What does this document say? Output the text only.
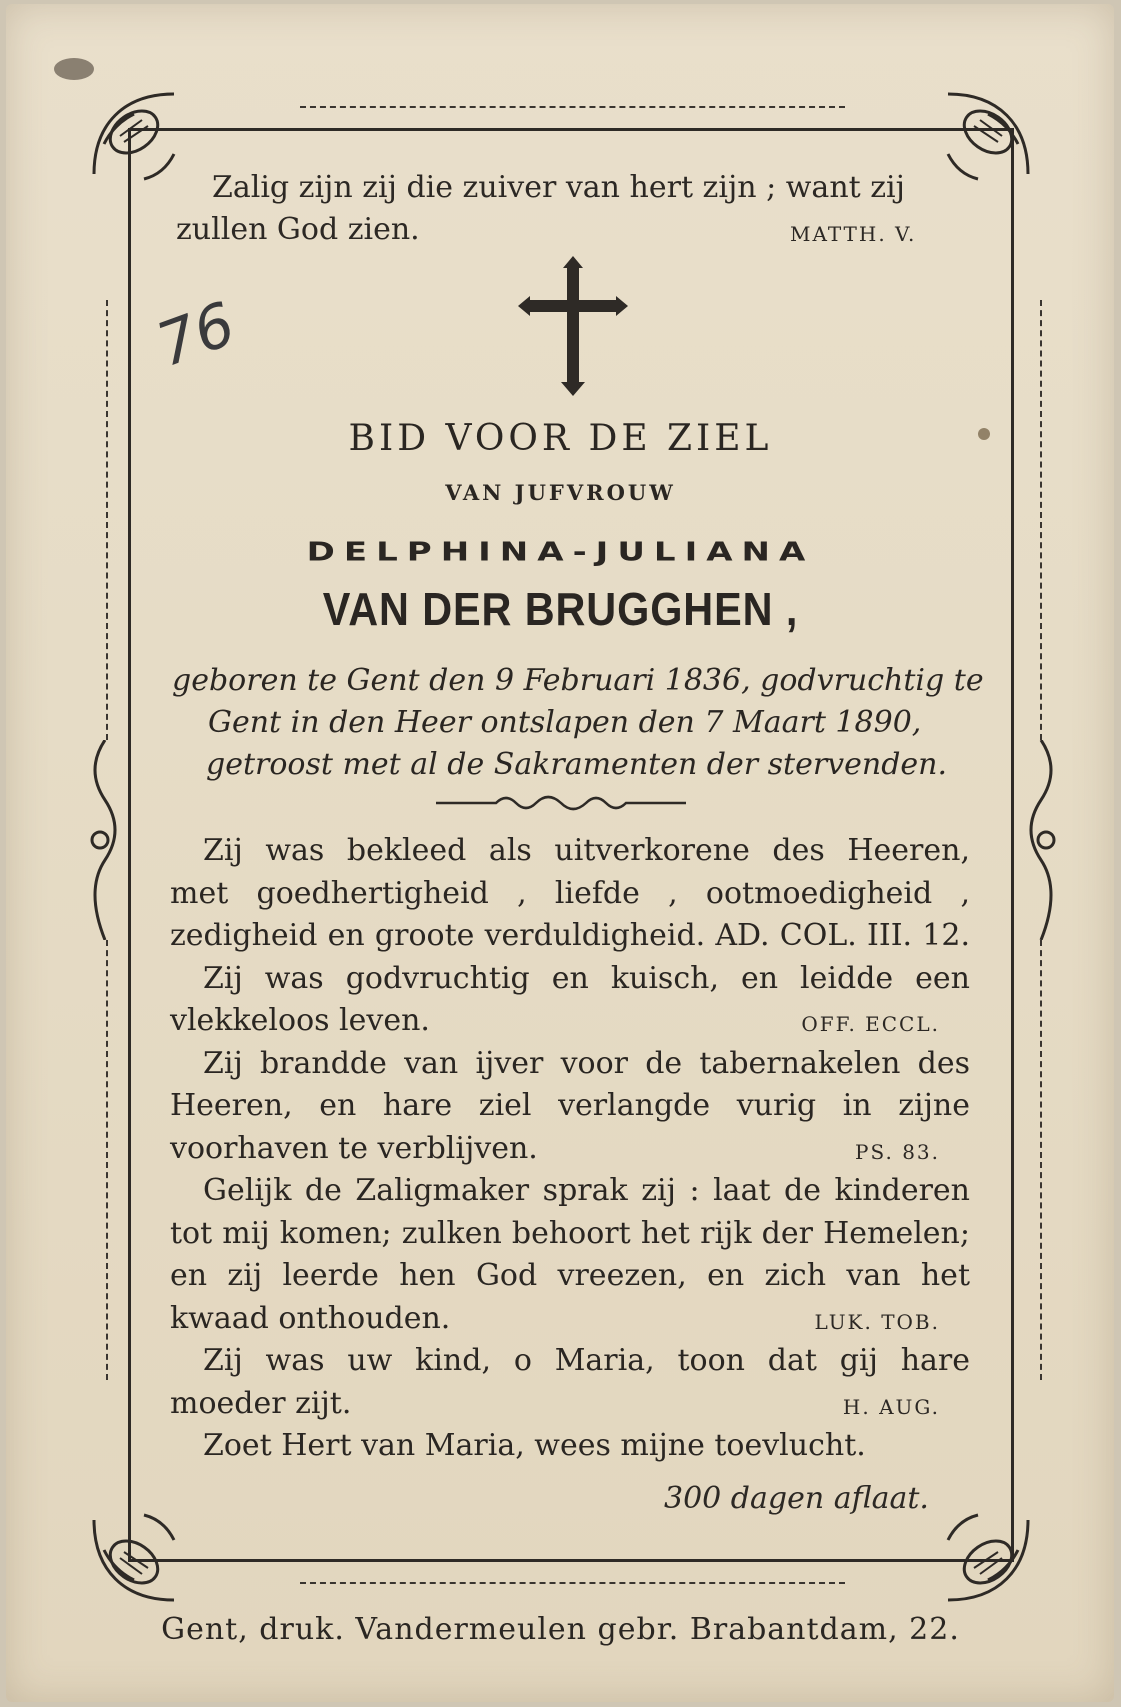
Zalig zijn zij die zuiver van hert zijn ; want zij
zullen God zien.	MATTH. V.
76
BID VOOR DE ZIEL
VAN JUFVROUW
DELPHINA-JULIANA
VAN DER BRUGGHEN ,
geboren te Gent den 9 Februari 1836, godvruchtig te
Gent in den Heer ontslapen den 7 Maart 1890,
getroost met al de Sakramenten der stervenden.
Zij was bekleed als uitverkorene des Heeren,
met goedhertigheid , liefde , ootmoedigheid ,
zedigheid en groote verduldigheid. AD. COL. III. 12.
Zij was godvruchtig en kuisch, en leidde een
vlekkeloos leven.	OFF. ECCL.
Zij brandde van ijver voor de tabernakelen des
Heeren, en hare ziel verlangde vurig in zijne
voorhaven te verblijven.	PS. 83.
Gelijk de Zaligmaker sprak zij : laat de kinderen
tot mij komen; zulken behoort het rijk der Hemelen;
en zij leerde hen God vreezen, en zich van het
kwaad onthouden.	LUK. TOB.
Zij was uw kind, o Maria, toon dat gij hare
moeder zijt.	H. AUG.
Zoet Hert van Maria, wees mijne toevlucht.
300 dagen aflaat.
Gent, druk. Vandermeulen gebr. Brabantdam, 22.
